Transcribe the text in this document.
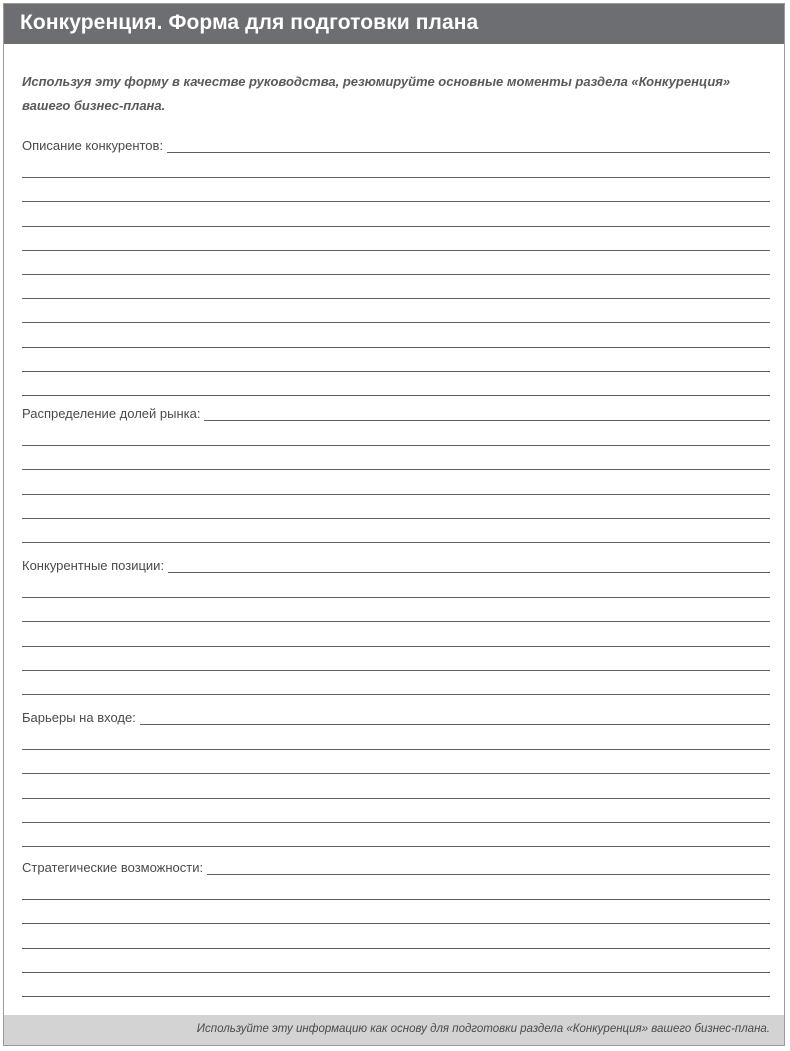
Конкуренция. Форма для подготовки плана
Используя эту форму в качестве руководства, резюмируйте основные моменты раздела «Конкуренция» вашего бизнес-плана.
Описание конкурентов:
Распределение долей рынка:
Конкурентные позиции:
Барьеры на входе:
Стратегические возможности:

Используйте эту информацию как основу для подготовки раздела «Конкуренция» вашего бизнес-плана.
